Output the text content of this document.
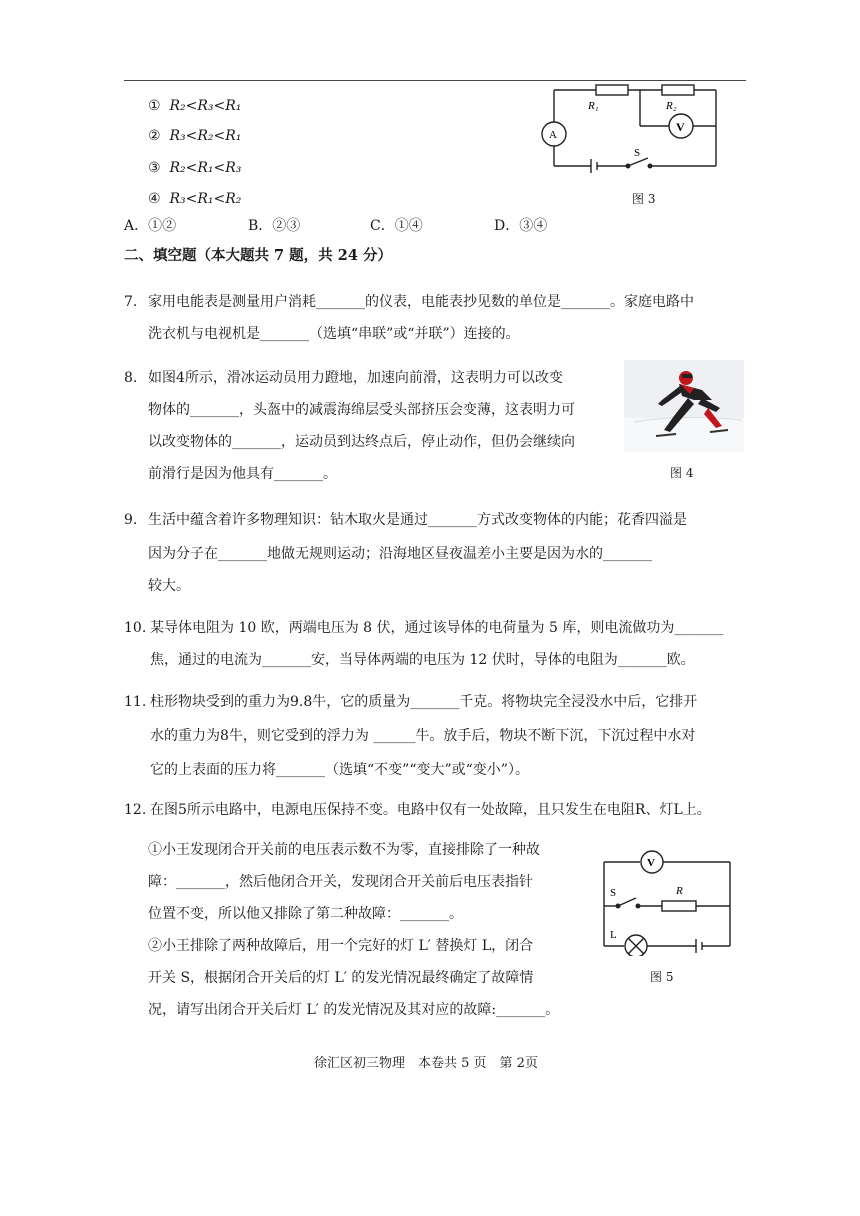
① R₂<R₃<R₁
② R₃<R₂<R₁
③ R₂<R₁<R₃
④ R₃<R₁<R₂
A．①②	B．②③	C．①④	D．③④
R₁	R₂
A
V
S
图 3
二、填空题（本大题共 7 题，共 24 分）
7. 家用电能表是测量用户消耗_______的仪表，电能表抄见数的单位是_______。家庭电路中
洗衣机与电视机是_______（选填“串联”或“并联”）连接的。
8. 如图4所示，滑冰运动员用力蹬地，加速向前滑，这表明力可以改变
物体的_______，头盔中的减震海绵层受头部挤压会变薄，这表明力可
以改变物体的_______，运动员到达终点后，停止动作，但仍会继续向
前滑行是因为他具有_______。	图 4
9. 生活中蕴含着许多物理知识：钻木取火是通过_______方式改变物体的内能；花香四溢是
因为分子在_______地做无规则运动；沿海地区昼夜温差小主要是因为水的_______
较大。
10. 某导体电阻为 10 欧，两端电压为 8 伏，通过该导体的电荷量为 5 库，则电流做功为_______
焦，通过的电流为_______安，当导体两端的电压为 12 伏时，导体的电阻为_______欧。
11. 柱形物块受到的重力为9.8牛，它的质量为_______千克。将物块完全浸没水中后，它排开
水的重力为8牛，则它受到的浮力为 ______牛。放手后，物块不断下沉，下沉过程中水对
它的上表面的压力将_______（选填“不变”“变大”或“变小”）。
12. 在图5所示电路中，电源电压保持不变。电路中仅有一处故障，且只发生在电阻R、灯L上。
①小王发现闭合开关前的电压表示数不为零，直接排除了一种故
障：_______，然后他闭合开关，发现闭合开关前后电压表指针
位置不变，所以他又排除了第二种故障：_______。
②小王排除了两种故障后，用一个完好的灯 L′ 替换灯 L，闭合
开关 S，根据闭合开关后的灯 L′ 的发光情况最终确定了故障情
况，请写出闭合开关后灯 L′ 的发光情况及其对应的故障:_______。
V
S	R
L
图 5
徐汇区初三物理　本卷共 5 页　第 2页
